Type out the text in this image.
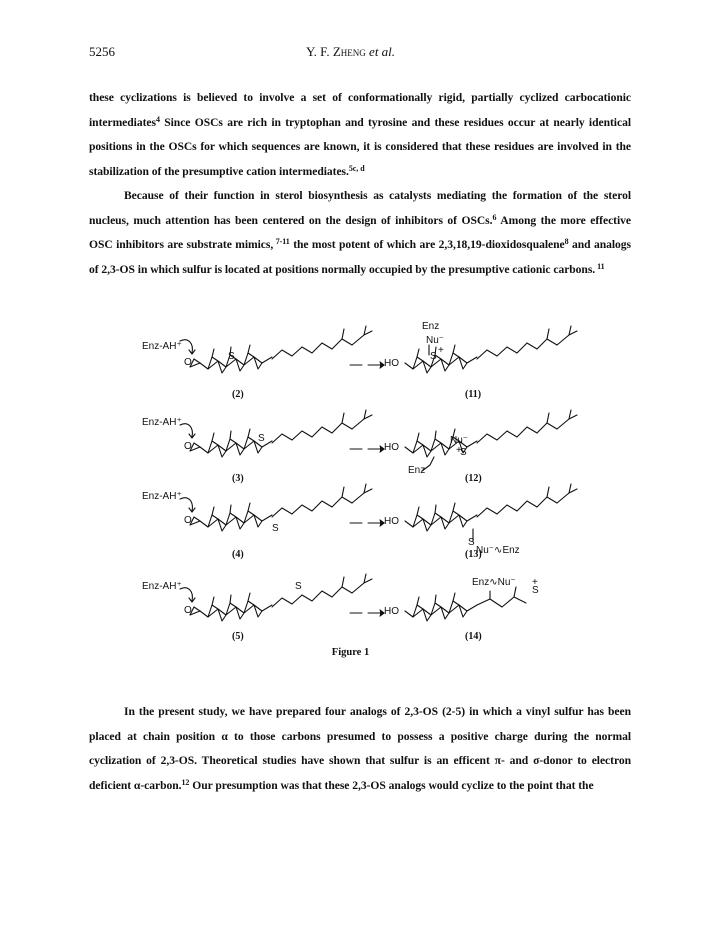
5256	Y. F. Zheng et al.

these cyclizations is believed to involve a set of conformationally rigid, partially cyclized carbocationic intermediates$^4$ Since OSCs are rich in tryptophan and tyrosine and these residues occur at nearly identical positions in the OSCs for which sequences are known, it is considered that these residues are involved in the stabilization of the presumptive cation intermediates.$^{5c, d}$

Because of their function in sterol biosynthesis as catalysts mediating the formation of the sterol nucleus, much attention has been centered on the design of inhibitors of OSCs.$^6$ Among the more effective OSC inhibitors are substrate mimics, $^{7-11}$ the most potent of which are 2,3,18,19-dioxidosqualene$^8$ and analogs of 2,3-OS in which sulfur is located at positions normally occupied by the presumptive cationic carbons. $^{11}$

Enz-AH⁺
Enz-AH⁺
Enz-AH⁺
Enz-AH⁺
O
O
O
O
S
S
S
S
HO
HO
HO
HO
Enz
Nu⁻
S
+
Nu⁻
S
+
Enz
S
Nu⁻∿Enz
Enz∿Nu⁻
S
+
(2)
(3)
(4)
(5)
(11)
(12)
(13)
(14)
Figure 1

In the present study, we have prepared four analogs of 2,3-OS (2-5) in which a vinyl sulfur has been placed at chain position α to those carbons presumed to possess a positive charge during the normal cyclization of 2,3-OS. Theoretical studies have shown that sulfur is an efficent π- and σ-donor to electron deficient α-carbon.$^{12}$ Our presumption was that these 2,3-OS analogs would cyclize to the point that the
